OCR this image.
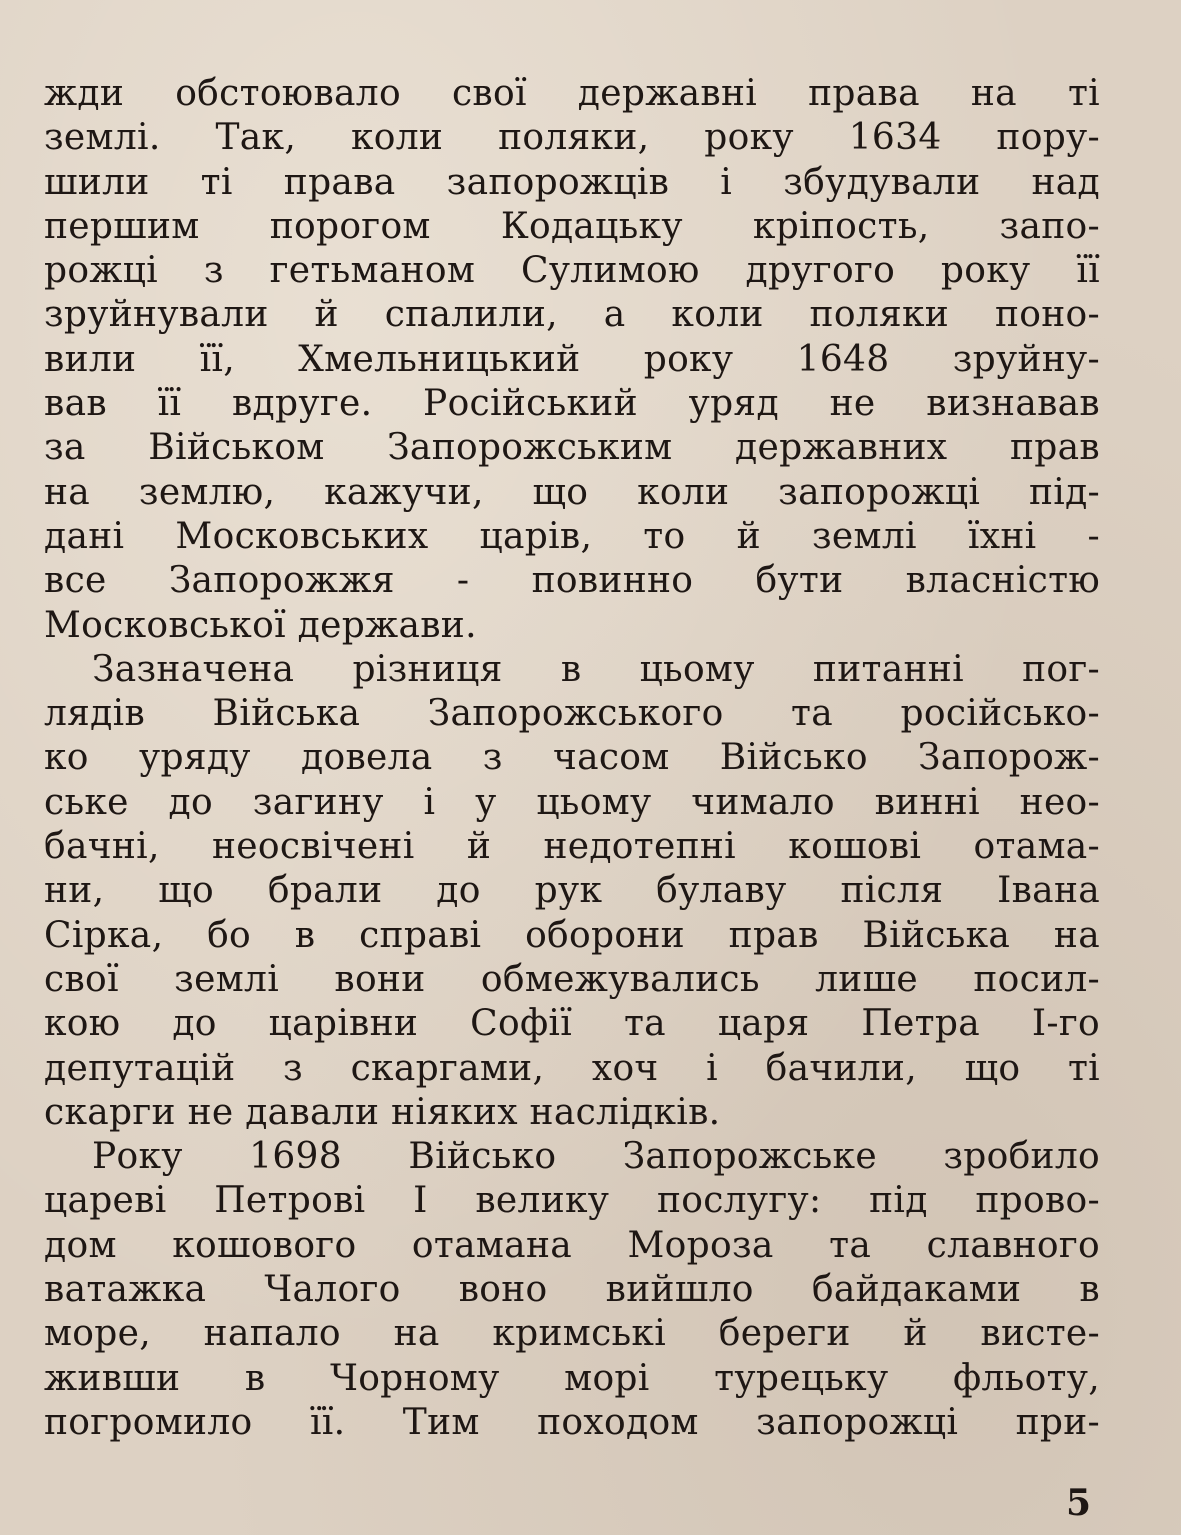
жди обстоювало свої державні права на ті
землі. Так, коли поляки, року 1634 пору-
шили ті права запорожців і збудували над
першим порогом Кодацьку кріпость, запо-
рожці з гетьманом Сулимою другого року її
зруйнували й спалили, а коли поляки поно-
вили її, Хмельницький року 1648 зруйну-
вав її вдруге. Російський уряд не визнавав
за Військом Запорожським державних прав
на землю, кажучи, що коли запорожці під-
дані Московських царів, то й землі їхні -
все Запорожжя - повинно бути власністю
Московської держави.
Зазначена різниця в цьому питанні пог-
лядів Війська Запорожського та російсько-
ко уряду довела з часом Військо Запорож-
ське до загину і у цьому чимало винні нео-
бачні, неосвічені й недотепні кошові отама-
ни, що брали до рук булаву після Івана
Сірка, бо в справі оборони прав Війська на
свої землі вони обмежувались лише посил-
кою до царівни Софії та царя Петра І-го
депутацій з скаргами, хоч і бачили, що ті
скарги не давали ніяких наслідків.
Року 1698 Військо Запорожське зробило
цареві Петрові І велику послугу: під прово-
дом кошового отамана Мороза та славного
ватажка Чалого воно вийшло байдаками в
море, напало на кримські береги й висте-
живши в Чорному морі турецьку фльоту,
погромило її. Тим походом запорожці при-
5
